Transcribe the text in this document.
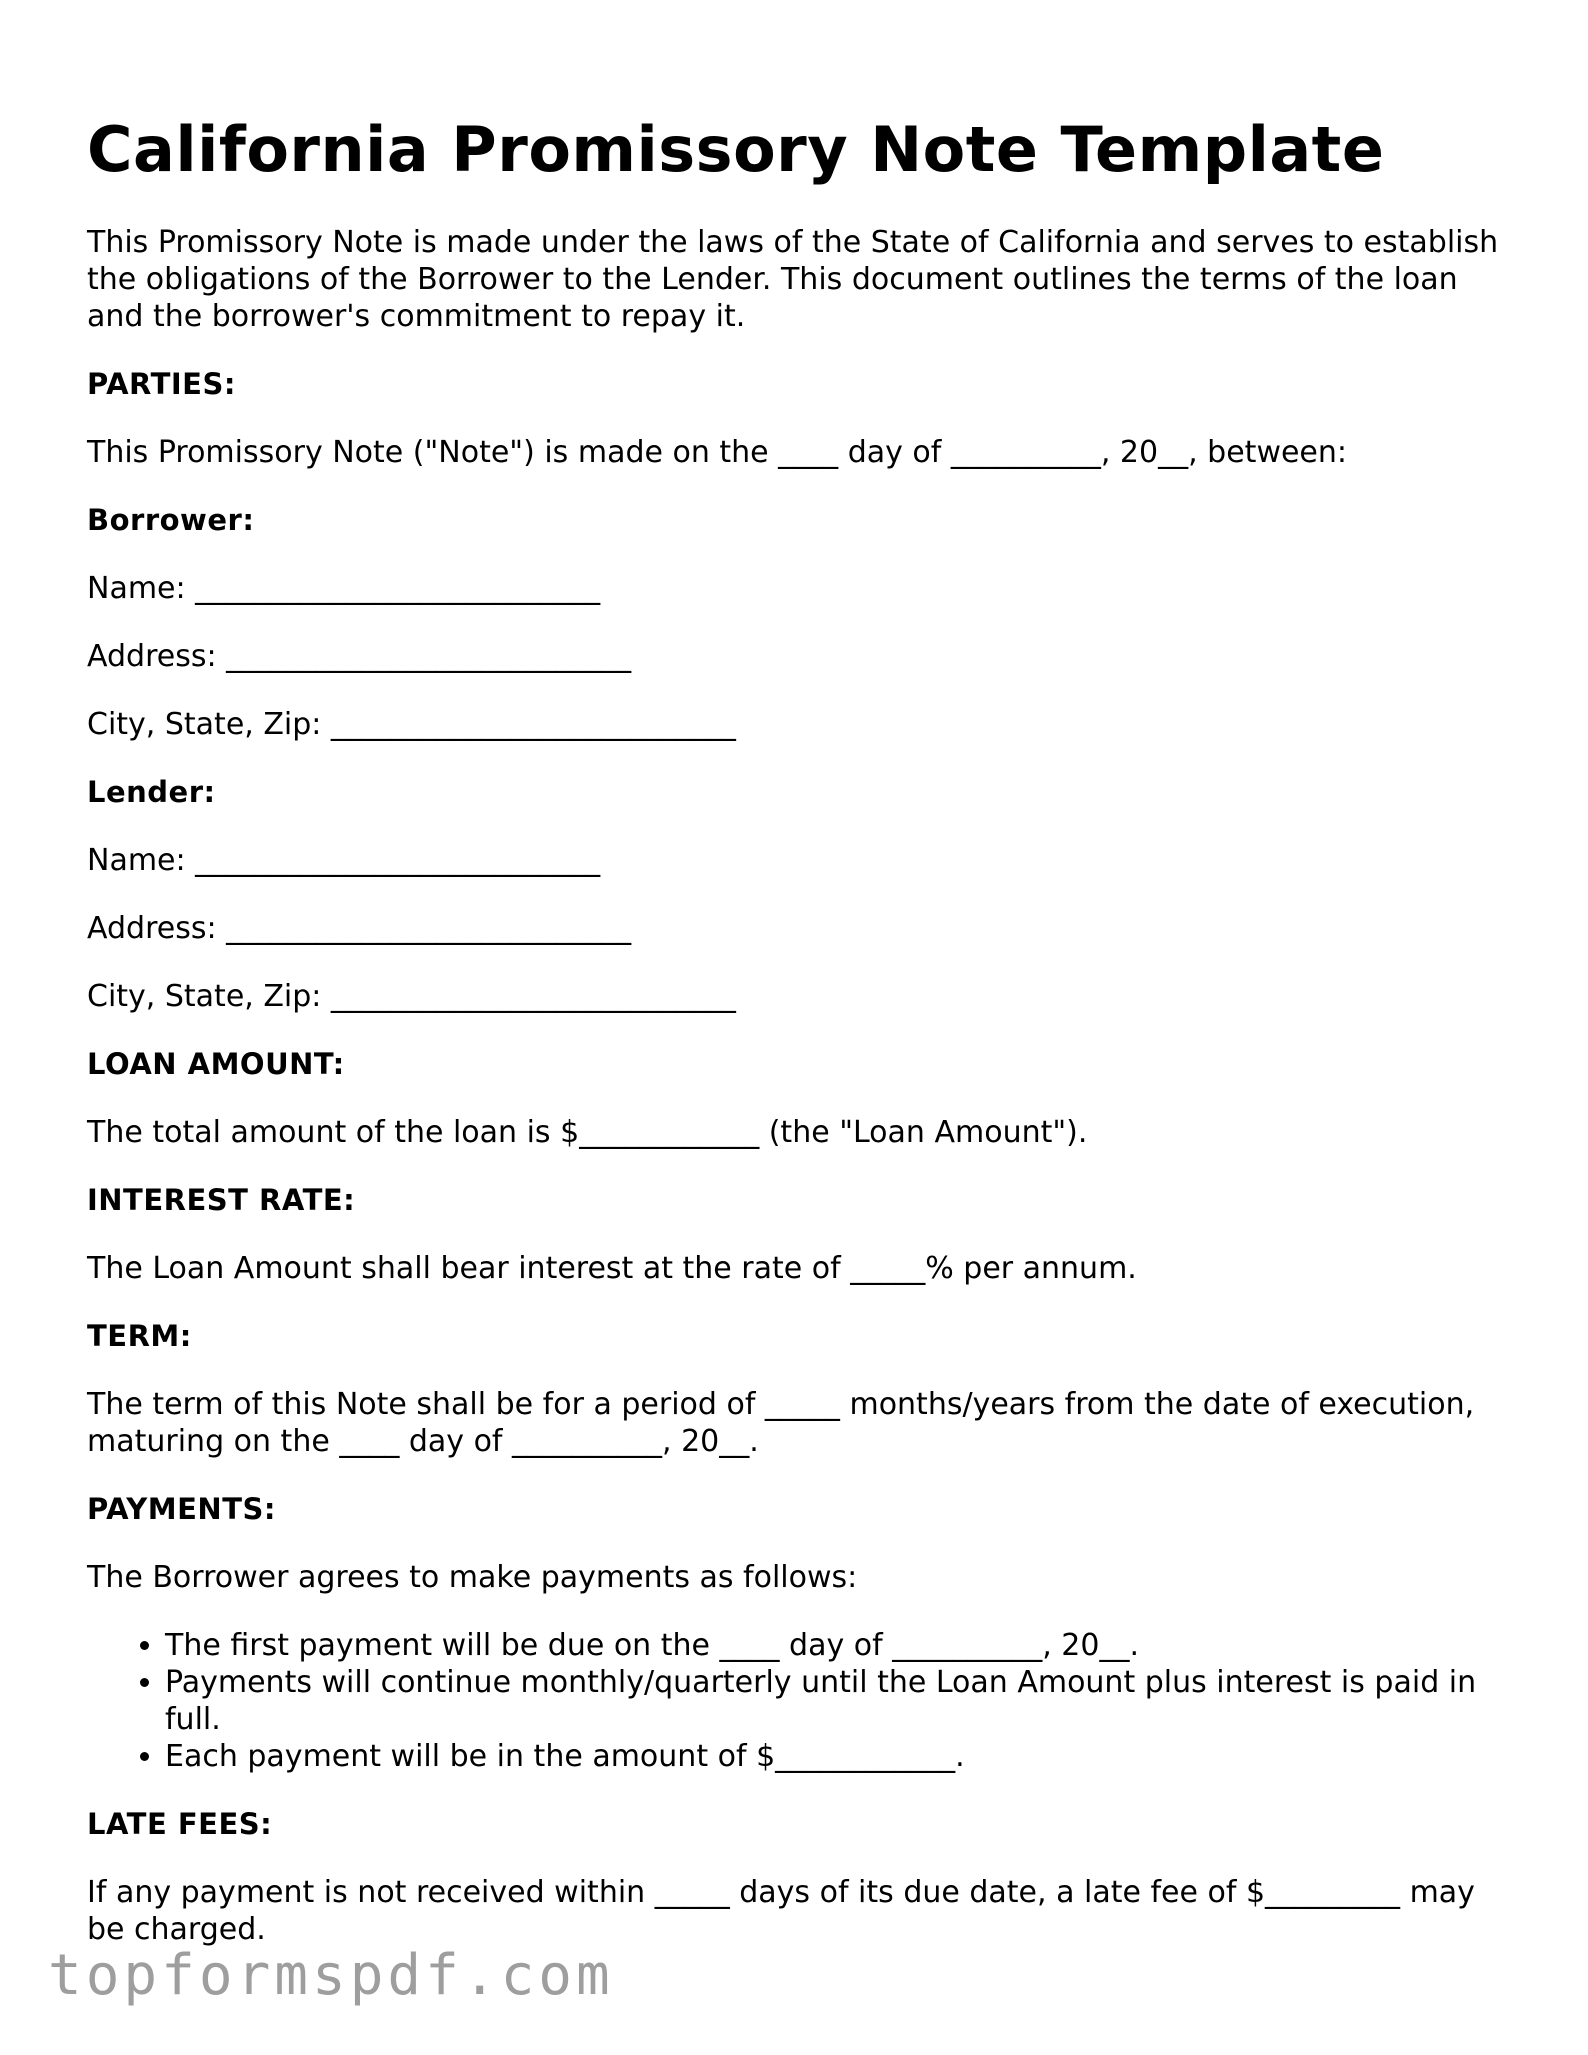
California Promissory Note Template

This Promissory Note is made under the laws of the State of California and serves to establish the obligations of the Borrower to the Lender. This document outlines the terms of the loan and the borrower's commitment to repay it.

PARTIES:

This Promissory Note ("Note") is made on the ____ day of __________, 20__, between:

Borrower:

Name: ___________________________

Address: ___________________________

City, State, Zip: ___________________________

Lender:

Name: ___________________________

Address: ___________________________

City, State, Zip: ___________________________

LOAN AMOUNT:

The total amount of the loan is $____________ (the "Loan Amount").

INTEREST RATE:

The Loan Amount shall bear interest at the rate of _____% per annum.

TERM:

The term of this Note shall be for a period of _____ months/years from the date of execution, maturing on the ____ day of __________, 20__.

PAYMENTS:

The Borrower agrees to make payments as follows:

• The first payment will be due on the ____ day of __________, 20__.
• Payments will continue monthly/quarterly until the Loan Amount plus interest is paid in full.
• Each payment will be in the amount of $____________.
LATE FEES:

If any payment is not received within _____ days of its due date, a late fee of $_________ may be charged.

topformspdf.com
